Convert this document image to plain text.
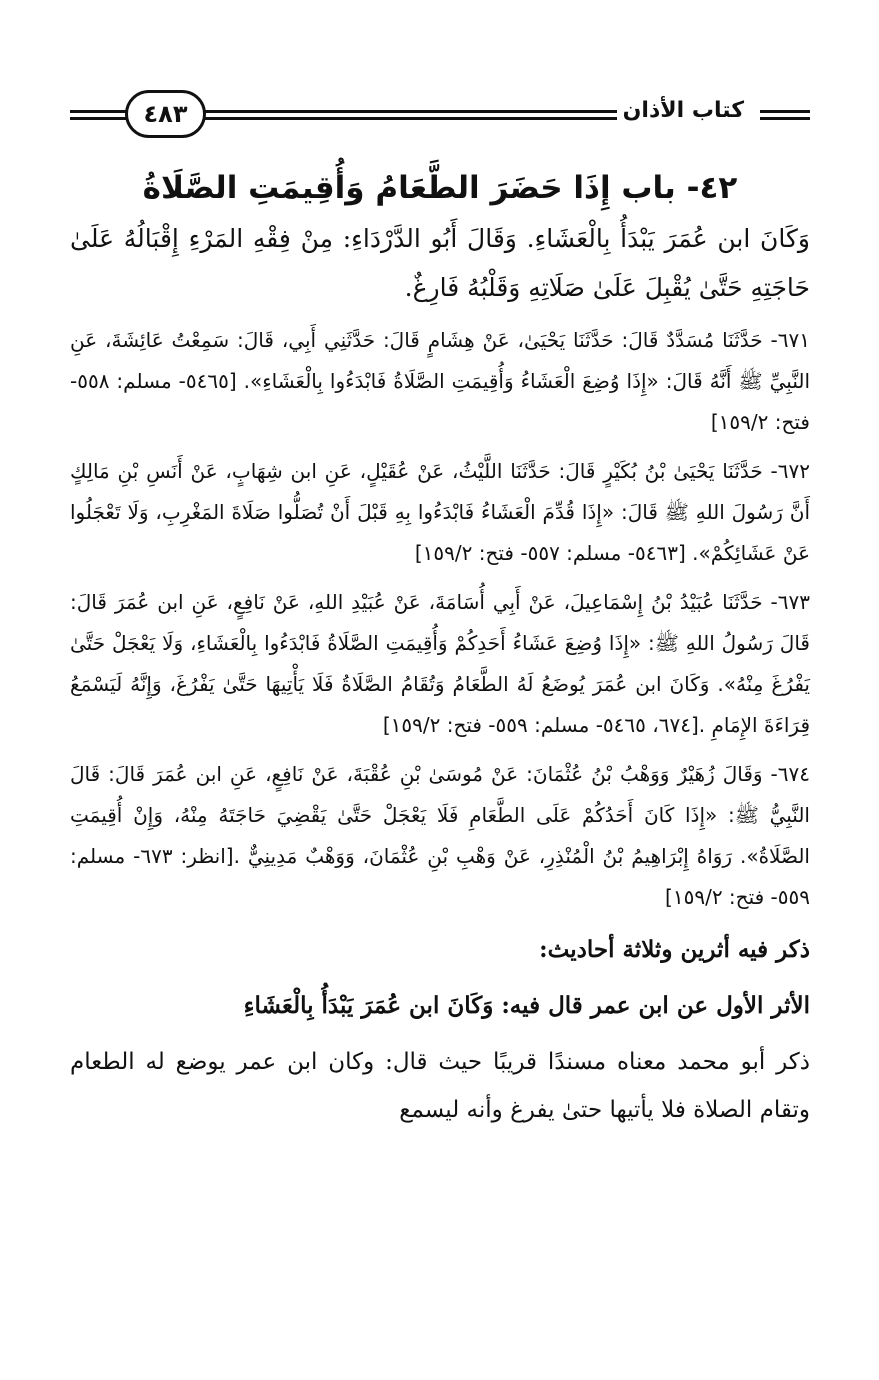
٤٨٣	كتاب الأذان
٤٢- باب إِذَا حَضَرَ الطَّعَامُ وَأُقِيمَتِ الصَّلَاةُ

وَكَانَ ابن عُمَرَ يَبْدَأُ بِالْعَشَاءِ. وَقَالَ أَبُو الدَّرْدَاءِ: مِنْ فِقْهِ المَرْءِ إِقْبَالُهُ عَلَىٰ حَاجَتِهِ حَتَّىٰ يُقْبِلَ عَلَىٰ صَلَاتِهِ وَقَلْبُهُ فَارِغٌ.

٦٧١- حَدَّثَنَا مُسَدَّدٌ قَالَ: حَدَّثَنَا يَحْيَىٰ، عَنْ هِشَامٍ قَالَ: حَدَّثَنِي أَبِي، قَالَ: سَمِعْتُ عَائِشَةَ، عَنِ النَّبِيِّ ﷺ أَنَّهُ قَالَ: «إِذَا وُضِعَ الْعَشَاءُ وَأُقِيمَتِ الصَّلَاةُ فَابْدَءُوا بِالْعَشَاءِ». [٥٤٦٥- مسلم: ٥٥٨- فتح: ١٥٩/٢]

٦٧٢- حَدَّثَنَا يَحْيَىٰ بْنُ بُكَيْرٍ قَالَ: حَدَّثَنَا اللَّيْثُ، عَنْ عُقَيْلٍ، عَنِ ابن شِهَابٍ، عَنْ أَنَسِ بْنِ مَالِكٍ أَنَّ رَسُولَ اللهِ ﷺ قَالَ: «إِذَا قُدِّمَ الْعَشَاءُ فَابْدَءُوا بِهِ قَبْلَ أَنْ تُصَلُّوا صَلَاةَ المَغْرِبِ، وَلَا تَعْجَلُوا عَنْ عَشَائِكُمْ». [٥٤٦٣- مسلم: ٥٥٧- فتح: ١٥٩/٢]

٦٧٣- حَدَّثَنَا عُبَيْدُ بْنُ إِسْمَاعِيلَ، عَنْ أَبِي أُسَامَةَ، عَنْ عُبَيْدِ اللهِ، عَنْ نَافِعٍ، عَنِ ابن عُمَرَ قَالَ: قَالَ رَسُولُ اللهِ ﷺ: «إِذَا وُضِعَ عَشَاءُ أَحَدِكُمْ وَأُقِيمَتِ الصَّلَاةُ فَابْدَءُوا بِالْعَشَاءِ، وَلَا يَعْجَلْ حَتَّىٰ يَفْرُغَ مِنْهُ». وَكَانَ ابن عُمَرَ يُوضَعُ لَهُ الطَّعَامُ وَتُقَامُ الصَّلَاةُ فَلَا يَأْتِيهَا حَتَّىٰ يَفْرُغَ، وَإِنَّهُ لَيَسْمَعُ قِرَاءَةَ الإِمَامِ .[٦٧٤، ٥٤٦٥- مسلم: ٥٥٩- فتح: ١٥٩/٢]

٦٧٤- وَقَالَ زُهَيْرٌ وَوَهْبُ بْنُ عُثْمَانَ: عَنْ مُوسَىٰ بْنِ عُقْبَةَ، عَنْ نَافِعٍ، عَنِ ابن عُمَرَ قَالَ: قَالَ النَّبِيُّ ﷺ: «إِذَا كَانَ أَحَدُكُمْ عَلَى الطَّعَامِ فَلَا يَعْجَلْ حَتَّىٰ يَقْضِيَ حَاجَتَهُ مِنْهُ، وَإِنْ أُقِيمَتِ الصَّلَاةُ». رَوَاهُ إِبْرَاهِيمُ بْنُ الْمُنْذِرِ، عَنْ وَهْبِ بْنِ عُثْمَانَ، وَوَهْبٌ مَدِينِيٌّ .[انظر: ٦٧٣- مسلم: ٥٥٩- فتح: ١٥٩/٢]

ذكر فيه أثرين وثلاثة أحاديث:

الأثر الأول عن ابن عمر قال فيه: وَكَانَ ابن عُمَرَ يَبْدَأُ بِالْعَشَاءِ

ذكر أبو محمد معناه مسندًا قريبًا حيث قال: وكان ابن عمر يوضع له الطعام وتقام الصلاة فلا يأتيها حتىٰ يفرغ وأنه ليسمع
